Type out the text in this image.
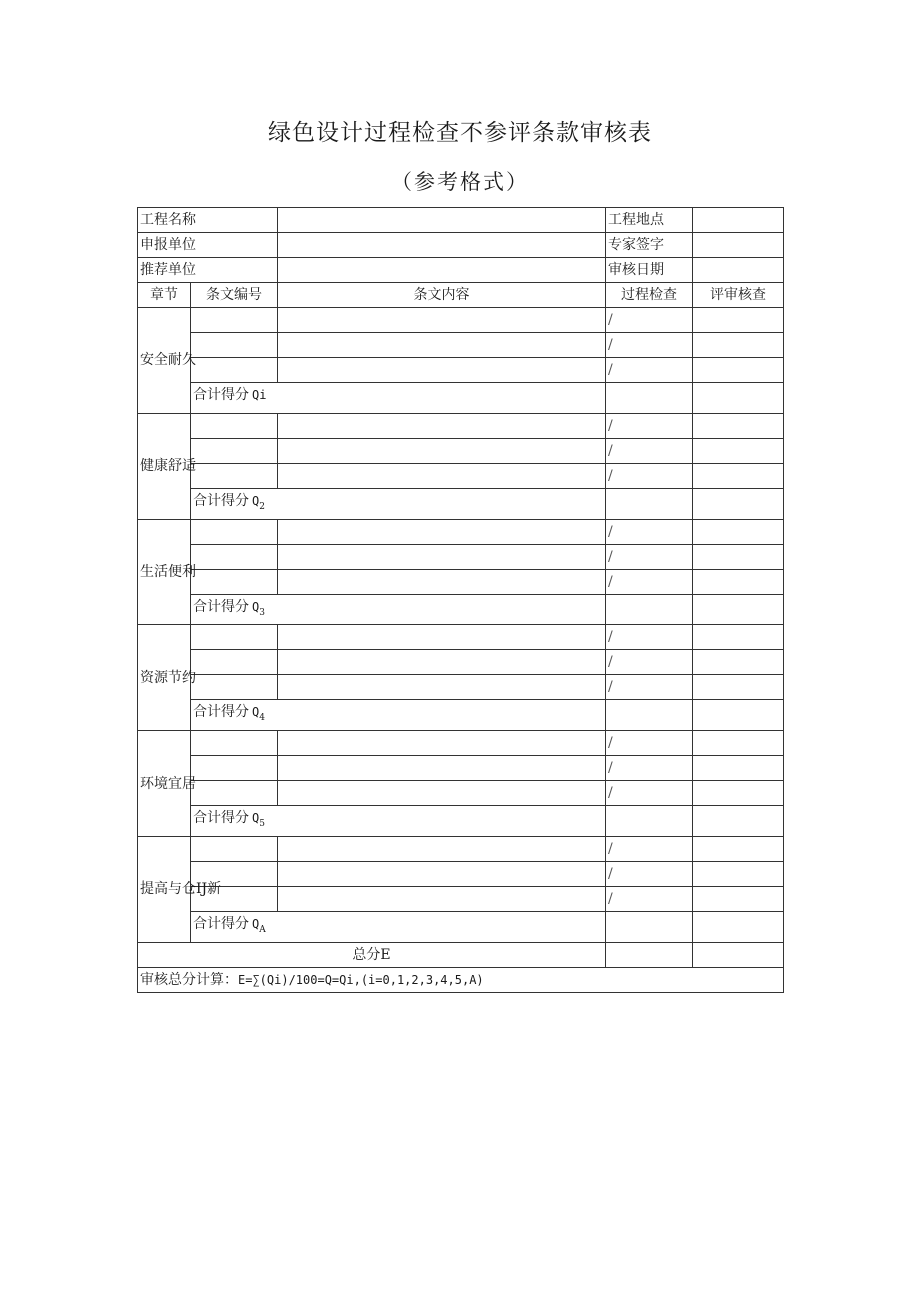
绿色设计过程检查不参评条款审核表
（参考格式）
工程名称			工程地点	
申报单位			专家签字	
推荐单位			审核日期	
章节	条文编号	条文内容	过程检查	评审核查
安全耐久			/	
			/	
			/	
	合计得分 Qi			
健康舒适			/	
			/	
			/	
	合计得分 $Q_2$		
生活便利			/	
			/	
			/	
	合计得分 $Q_3$		
资源节约			/	
			/	
			/	
	合计得分 $Q_4$		
环境宜居			/	
			/	
			/	
	合计得分 $Q_5$		
提高与仓IJ新			/	
			/	
			/	
	合计得分 $Q_A$		
总分E				
审核总分计算：E=∑(Qi)/100=Q=Qi,(i=0,1,2,3,4,5,A)				
